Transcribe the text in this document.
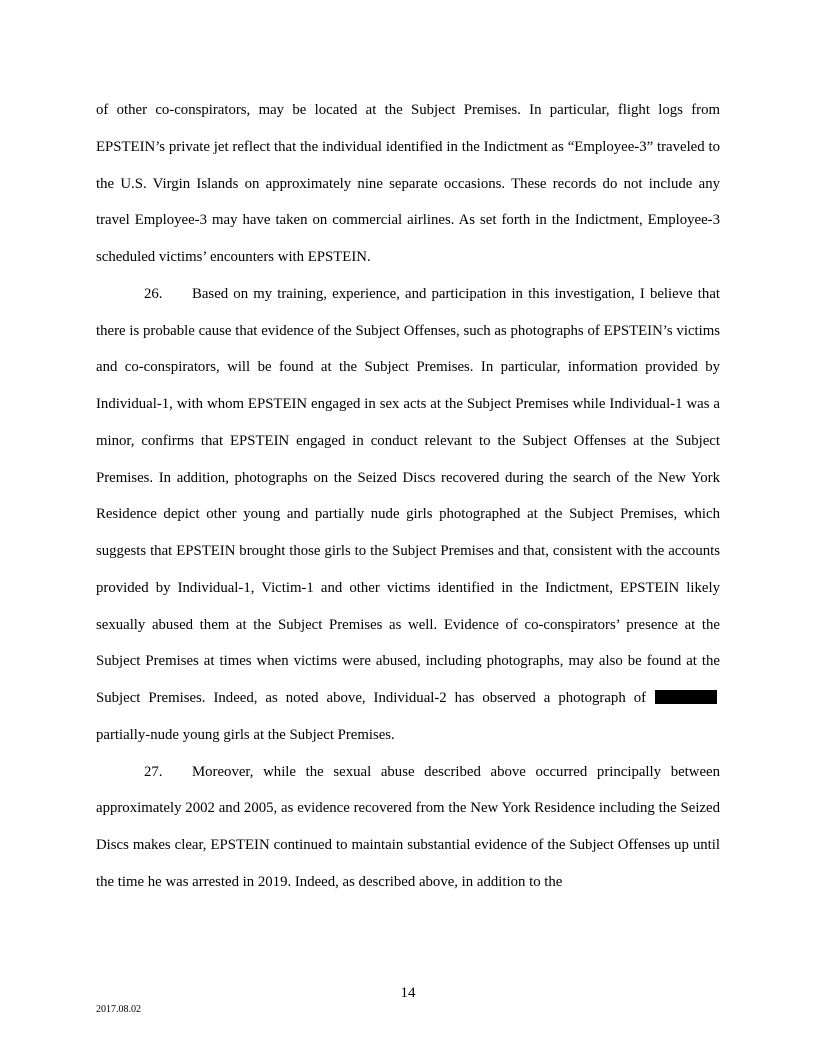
of other co-conspirators, may be located at the Subject Premises. In particular, flight logs from EPSTEIN’s private jet reflect that the individual identified in the Indictment as “Employee-3” traveled to the U.S. Virgin Islands on approximately nine separate occasions. These records do not include any travel Employee-3 may have taken on commercial airlines. As set forth in the Indictment, Employee-3 scheduled victims’ encounters with EPSTEIN.

26. Based on my training, experience, and participation in this investigation, I believe that there is probable cause that evidence of the Subject Offenses, such as photographs of EPSTEIN’s victims and co-conspirators, will be found at the Subject Premises. In particular, information provided by Individual-1, with whom EPSTEIN engaged in sex acts at the Subject Premises while Individual-1 was a minor, confirms that EPSTEIN engaged in conduct relevant to the Subject Offenses at the Subject Premises. In addition, photographs on the Seized Discs recovered during the search of the New York Residence depict other young and partially nude girls photographed at the Subject Premises, which suggests that EPSTEIN brought those girls to the Subject Premises and that, consistent with the accounts provided by Individual-1, Victim-1 and other victims identified in the Indictment, EPSTEIN likely sexually abused them at the Subject Premises as well. Evidence of co-conspirators’ presence at the Subject Premises at times when victims were abused, including photographs, may also be found at the Subject Premises. Indeed, as noted above, Individual-2 has observed a photograph of partially-nude young girls at the Subject Premises.

27. Moreover, while the sexual abuse described above occurred principally between approximately 2002 and 2005, as evidence recovered from the New York Residence including the Seized Discs makes clear, EPSTEIN continued to maintain substantial evidence of the Subject Offenses up until the time he was arrested in 2019. Indeed, as described above, in addition to the

14
2017.08.02
